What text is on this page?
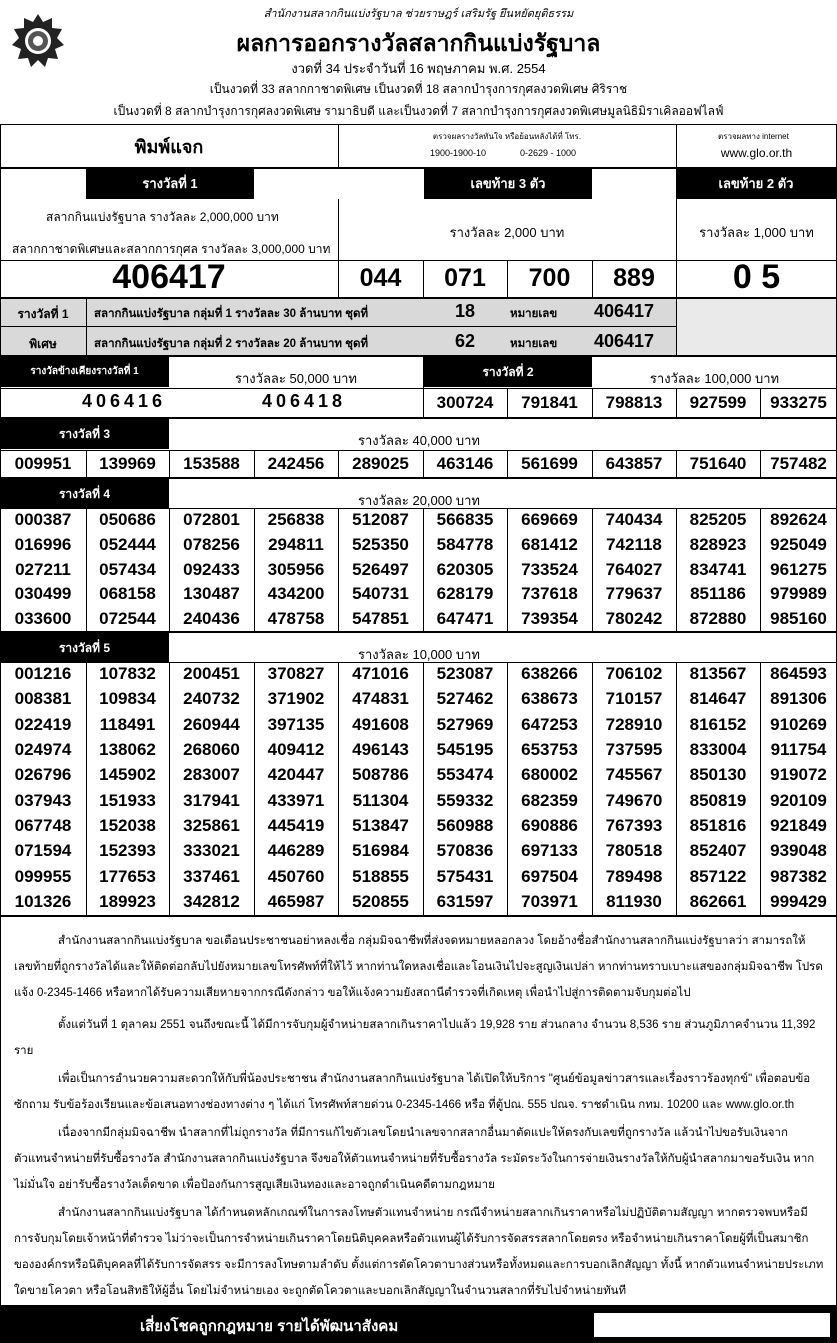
สำนักงานสลากกินแบ่งรัฐบาล ช่วยราษฎร์ เสริมรัฐ ยึนหยัดยุติธรรม
ผลการออกรางวัลสลากกินแบ่งรัฐบาล
งวดที่ 34 ประจำวันที่ 16 พฤษภาคม พ.ศ. 2554
เป็นงวดที่ 33 สลากกาชาดพิเศษ เป็นงวดที่ 18 สลากบำรุงการกุศลงวดพิเศษ ศิริราช
เป็นงวดที่ 8 สลากบำรุงการกุศลงวดพิเศษ รามาธิบดี และเป็นงวดที่ 7 สลากบำรุงการกุศลงวดพิเศษมูลนิธิมิราเคิลออฟไลฟ์
พิมพ์แจก
ตรวจผลรางวัลทันใจ หรือย้อนหลังได้ที่ โทร.
1900-1900-10	0-2629 - 1000
ตรวจผลทาง internet
www.glo.or.th
รางวัลที่ 1	เลขท้าย 3 ตัว	เลขท้าย 2 ตัว
สลากกินแบ่งรัฐบาล รางวัลละ 2,000,000 บาท
สลากกาชาดพิเศษและสลากการกุศล รางวัลละ 3,000,000 บาท
รางวัลละ 2,000 บาท	รางวัลละ 1,000 บาท
406417	044	071	700	889	0 5
รางวัลที่ 1
พิเศษ
สลากกินแบ่งรัฐบาล กลุ่มที่ 1 รางวัลละ 30 ล้านบาท ชุดที่	18	หมายเลข 406417
สลากกินแบ่งรัฐบาล กลุ่มที่ 2 รางวัลละ 20 ล้านบาท ชุดที่	62	หมายเลข 406417
รางวัลข้างเคียงรางวัลที่ 1	รางวัลละ 50,000 บาท	รางวัลที่ 2	รางวัลละ 100,000 บาท
406416	406418	300724	791841	798813	927599	933275
รางวัลที่ 3	รางวัลละ 40,000 บาท
009951	139969	153588	242456	289025	463146	561699	643857	751640	757482
รางวัลที่ 4	รางวัลละ 20,000 บาท
000387	050686	072801	256838	512087	566835	669669	740434	825205	892624
016996	052444	078256	294811	525350	584778	681412	742118	828923	925049
027211	057434	092433	305956	526497	620305	733524	764027	834741	961275
030499	068158	130487	434200	540731	628179	737618	779637	851186	979989
033600	072544	240436	478758	547851	647471	739354	780242	872880	985160
รางวัลที่ 5	รางวัลละ 10,000 บาท
001216	107832	200451	370827	471016	523087	638266	706102	813567	864593
008381	109834	240732	371902	474831	527462	638673	710157	814647	891306
022419	118491	260944	397135	491608	527969	647253	728910	816152	910269
024974	138062	268060	409412	496143	545195	653753	737595	833004	911754
026796	145902	283007	420447	508786	553474	680002	745567	850130	919072
037943	151933	317941	433971	511304	559332	682359	749670	850819	920109
067748	152038	325861	445419	513847	560988	690886	767393	851816	921849
071594	152393	333021	446289	516984	570836	697133	780518	852407	939048
099955	177653	337461	450760	518855	575431	697504	789498	857122	987382
101326	189923	342812	465987	520855	631597	703971	811930	862661	999429
สำนักงานสลากกินแบ่งรัฐบาล ขอเตือนประชาชนอย่าหลงเชื่อ กลุ่มมิจฉาชีพที่ส่งจดหมายหลอกลวง โดยอ้างชื่อสำนักงานสลากกินแบ่งรัฐบาลว่า สามารถให้เลขท้ายที่ถูกรางวัลได้และให้ติดต่อกลับไปยังหมายเลขโทรศัพท์ที่ให้ไว้ หากท่านใดหลงเชื่อและโอนเงินไปจะสูญเงินเปล่า หากท่านทราบเบาะแสของกลุ่มมิจฉาชีพ โปรดแจ้ง 0-2345-1466 หรือหากได้รับความเสียหายจากกรณีดังกล่าว ขอให้แจ้งความยังสถานีตำรวจที่เกิดเหตุ เพื่อนำไปสู่การติดตามจับกุมต่อไป
ตั้งแต่วันที่ 1 ตุลาคม 2551 จนถึงขณะนี้ ได้มีการจับกุมผู้จำหน่ายสลากเกินราคาไปแล้ว 19,928 ราย ส่วนกลาง จำนวน 8,536 ราย ส่วนภูมิภาคจำนวน 11,392 ราย
เพื่อเป็นการอำนวยความสะดวกให้กับพี่น้องประชาชน สำนักงานสลากกินแบ่งรัฐบาล ได้เปิดให้บริการ "ศูนย์ข้อมูลข่าวสารและเรื่องราวร้องทุกข์" เพื่อตอบข้อซักถาม รับข้อร้องเรียนและข้อเสนอทางช่องทางต่าง ๆ ได้แก่ โทรศัพท์สายด่วน 0-2345-1466 หรือ ที่ตู้ปณ. 555 ปณจ. ราชดำเนิน กทม. 10200 และ www.glo.or.th
เนื่องจากมีกลุ่มมิจฉาชีพ นำสลากที่ไม่ถูกรางวัล ที่มีการแก้ไขตัวเลขโดยนำเลขจากสลากอื่นมาตัดแปะให้ตรงกับเลขที่ถูกรางวัล แล้วนำไปขอรับเงินจากตัวแทนจำหน่ายที่รับซื้อรางวัล สำนักงานสลากกินแบ่งรัฐบาล จึงขอให้ตัวแทนจำหน่ายที่รับซื้อรางวัล ระมัดระวังในการจ่ายเงินรางวัลให้กับผู้นำสลากมาขอรับเงิน หากไม่มั่นใจ อย่ารับซื้อรางวัลเด็ดขาด เพื่อป้องกันการสูญเสียเงินทองและอาจถูกดำเนินคดีตามกฎหมาย
สำนักงานสลากกินแบ่งรัฐบาล ได้กำหนดหลักเกณฑ์ในการลงโทษตัวแทนจำหน่าย กรณีจำหน่ายสลากเกินราคาหรือไม่ปฏิบัติตามสัญญา หากตรวจพบหรือมีการจับกุมโดยเจ้าหน้าที่ตำรวจ ไม่ว่าจะเป็นการจำหน่ายเกินราคาโดยนิติบุคคลหรือตัวแทนผู้ได้รับการจัดสรรสลากโดยตรง หรือจำหน่ายเกินราคาโดยผู้ที่เป็นสมาชิกขององค์กรหรือนิติบุคคลที่ได้รับการจัดสรร จะมีการลงโทษตามลำดับ ตั้งแต่การตัดโควตาบางส่วนหรือทั้งหมดและการบอกเลิกสัญญา ทั้งนี้ หากตัวแทนจำหน่ายประเภทใดขายโควตา หรือโอนสิทธิให้ผู้อื่น โดยไม่จำหน่ายเอง จะถูกตัดโควตาและบอกเลิกสัญญาในจำนวนสลากที่รับไปจำหน่ายทันที
เสี่ยงโชคถูกกฎหมาย รายได้พัฒนาสังคม
